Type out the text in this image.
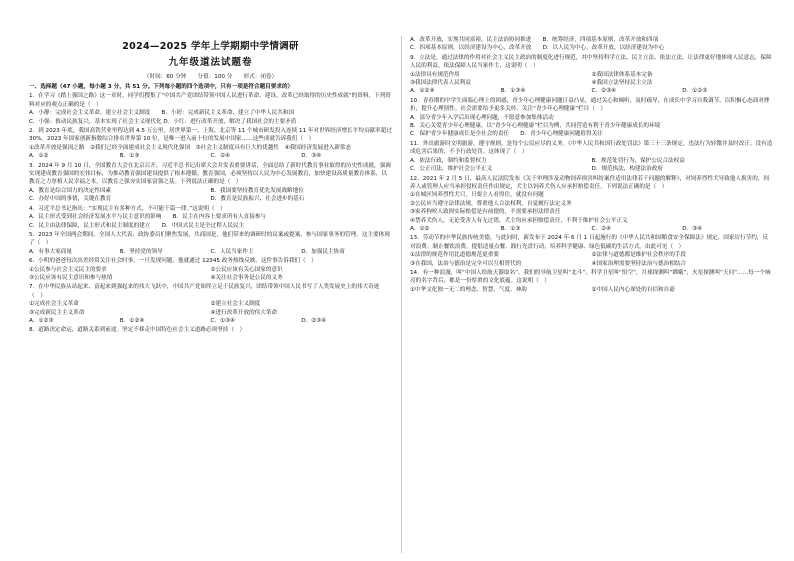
2024—2025 学年上学期期中学情调研
九年级道法试题卷
（时间：60 分钟　　分值：100 分　　形式：闭卷）

一、选择题（47 小题，每小题 3 分，共 51 分。下列每小题的四个选项中，只有一项是符合题目要求的）

1．在学习《踏上强国之路》这一章时，同学们搜集了“中国共产党团结带领中国人民进行革命、建设、改革已经取得的历史性成就”的资料，下列资料对应的观点正确的是（　）

A．小静：完成社会主义革命，建立社会主义制度　　B．小婷：完成新民主义革命，建立了中华人民共和国

C．小强：推动民族复兴，基本实现了社会主义现代化 D．小红：进行改革开放，解决了我国社会的主要矛盾

2．到 2023 年底，我国高铁营业里程达到 4.5 万公里，居世界第一。上海、北京等 11 个城市研发投入连续 11 年对世界经济增长平均贡献率超过 30%。2023 年国家创新指数综合排名世界第 10 位，是唯一进入前十位的发展中国家……这些成就告诉我们（　）

①改革开放是强国之路　②我们已经全面建成社会主义现代化强国　③社会主义制度具有巨大的优越性　④我国经济发展进入新常态

A．①②	B．①③	C．②④	D．③④

3．2024 年 9 月 10 日，全国教育大会在北京召开，习近平总书记出席大会并发表重要讲话，全面总结了新时代教育事业取得的历史性成就，强调实现建成教育强国的宏伟目标，为推动教育强国建设提供了根本遵循。教育强国，必须坚持以人民为中心发展教育，加快建设高质量教育体系，以教育之力厚植人民幸福之本，以教育之强夯实国家富强之基。下列说法正确的是（　）

A．教育是综合国力的决定性因素	B．我国要坚持教育优先发展战略地位
C．办好中国的事情，关键在教育	D．教育是民族振兴、社会进步的基石

4．习近平总书记指出：“实现民主有多种方式，不可能千篇一律。”这说明（　）

A．民主形式受到社会经济发展水平与民主意识的影响　　B．民主在内容上要求所有人直接参与

C．民主由法律保障，民主形式和民主制度的建立　　D．中国式民主是全过程人民民主

5．2023 年全国两会期间，全国人大代表、政协委员们聚焦发展，共商国是，他们带来的调研时的议案或提案，参与国家事务的管理。这主要体现了（　）

A．有事大家商量	B．坚持党的领导	C．人民当家作主	D．加强民主协商

6．小明的爸爸每次出差经常关注社会时事，一旦发现问题，他就通过 12345 政务热线反映。这件事告诉我们（　）

①公民参与社会主义民主的要求	②公民应该有关心国家的意识
③公民应该有民主意识和参与热情	④关注社会事务是公民的义务

7．在中华民族从站起来、富起来到强起来的伟大飞跃中，中国共产党始终立足于民族复兴，团结带领中国人民书写了人类发展史上的伟大奇迹（　）

①完成社会主义革命	②建立社会主义制度
③完成新民主主义革命	④进行改革开放的伟大革命
A．①②③	B．①②④	C．①③④	D．②③④

8．道路决定命运，道路关系到前途。坚定不移走中国特色社会主义道路必须坚持（　）

A．改革开放，实现共同富裕，民主法治协同推进　　B．统筹经济，四项基本原则，改革开放和四项

C．四项基本原则，以经济建设为中心，改革开放　　D．以人民为中心，改革开放，以经济建设为中心

9．立法是，通过法律的作用对社会主义民主政治的制度化进行规范，其中坚持科学立法、民主立法、依法立法，让法律更好地体现人民意志，保障人民的利益，依法保障人民当家作主，这说明（　）

①法律具有规范作用	②我国法律体系基本完备
③我国法律代表人民利益	④我国立法坚持民主立法
A．①②④	B．①③④	C．②③④	D．①②③

10．青春期的中学生面临心理上的困惑，青少年心理健康问题日益凸显，通过关心和倾听，及时疏导，在成长中学习自我调节，以积极心态面对挫折，提升心理韧性。社会需要给予更多关怀，关注“青少年心理健康”栏目（　）

A．部分青少年入学后出现心理问题，不愿意参加集体活动

B．关心关爱青少年心理健康，以“青少年心理健康”栏目为例，共同营造有利于青少年健康成长的环境

C．保护青少年健康成长是全社会的责任　　D．青少年心理健康问题值得关注

11．外出旅游时文明旅游，遵守规则，是每个公民应尽的义务。《中华人民共和国行政处罚法》第三十三条规定，违法行为轻微并及时改正，没有造成危害后果的，不予行政处罚。这体现了（　）

A．依法行政，制约和监督权力	B．规范处罚行为，保护公民合法权益
C．公正司法，维护社会公平正义	D．规范执法，构建法治政府

12．2021 年 2 月 5 日，最高人民法院发布《关于审理涉及动物饲养损害纠纷案件适用法律若干问题的解释》，对饲养烈性犬导致他人损害的，饲养人或管理人应当承担侵权责任作出规定，犬主以饲养犬伤人应承担赔偿责任。下列说法正确的是（　）

①在城区饲养烈性犬只，只要主人看得住，就没有问题

②公民应当遵守法律法规，尊重他人合法权利，自觉履行法定义务

③家养狗咬人致损实际赔偿是有前提的，不需要承担法律责任

④禁养犬伤人，无论受害人有无过错，犬主均应承担赔偿责任，不利于维护社会公平正义

A．①②	B．①③	C．②④	D．③④

13．劳动节的中华民族传统美德，与此同时，新发布于 2024 年 6 月 1 日起施行的《中华人民共和国粮食安全保障法》规定，国家厉行节约，反对浪费。制止餐饮浪费，提倡适量点餐、践行光盘行动，培养科学健康、绿色低碳的生活方式。由此可见（　）

①法律的规范作用比道德规范更重要	②法律与道德都是维护社会秩序的手段
③在我国，法治与德治是完全可以互相替代的	④国家治理需要坚持法治与德治相结合

14．有一种浪漫，叫“中国人给航天器取名”。我们的导航卫星叫“北斗”，科学卫星叫“悟空”，月球探测叫“嫦娥”，火星探测叫“天问”……每一个响亮的名字背后，都是一份厚重的文化底蕴。这说明（　）

①中华文化独一无二的理念、智慧、气度、神韵	②中国人民内心深处的自信和自豪
